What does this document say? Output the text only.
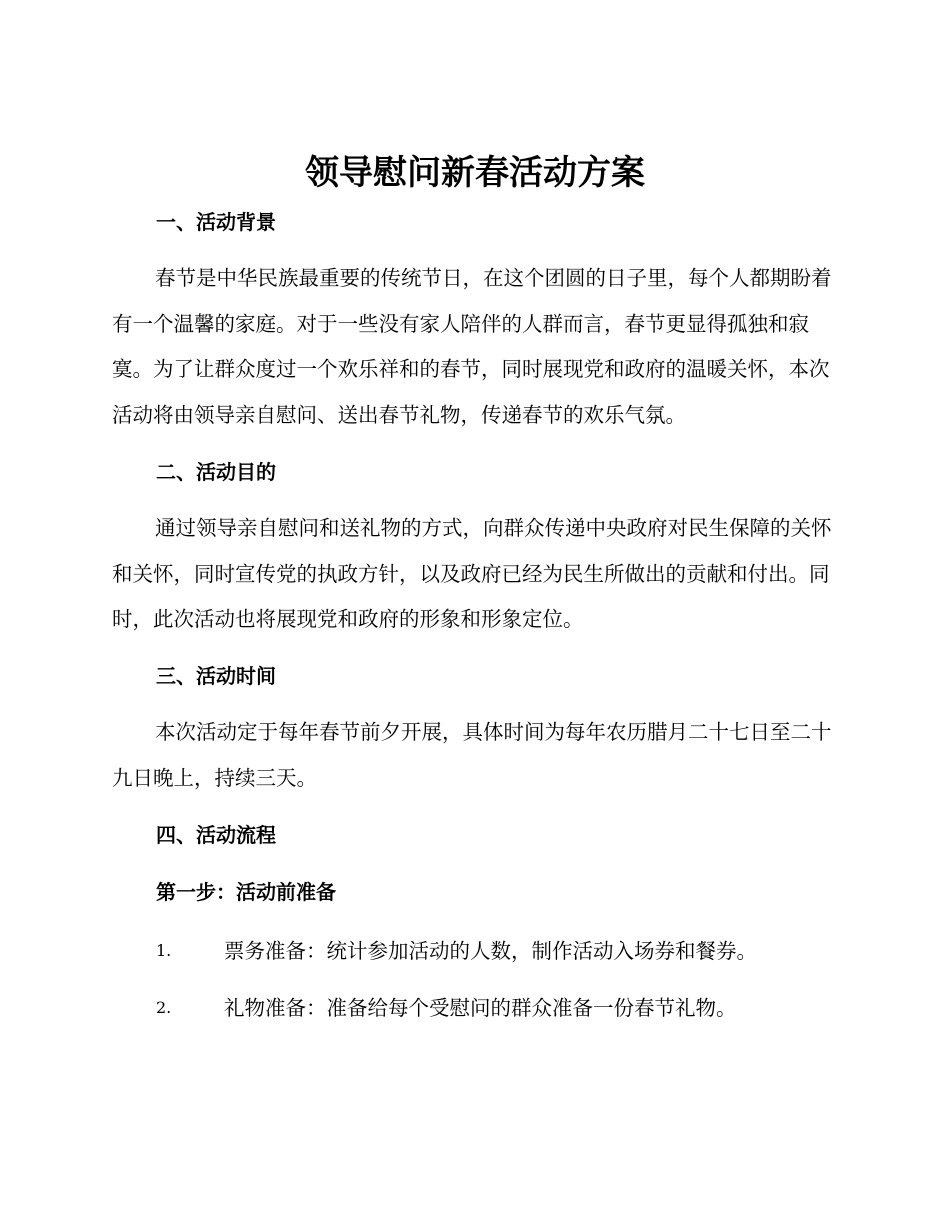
领导慰问新春活动方案
一、活动背景

春节是中华民族最重要的传统节日，在这个团圆的日子里，每个人都期盼着有一个温馨的家庭。对于一些没有家人陪伴的人群而言，春节更显得孤独和寂寞。为了让群众度过一个欢乐祥和的春节，同时展现党和政府的温暖关怀，本次活动将由领导亲自慰问、送出春节礼物，传递春节的欢乐气氛。

二、活动目的

通过领导亲自慰问和送礼物的方式，向群众传递中央政府对民生保障的关怀和关怀，同时宣传党的执政方针，以及政府已经为民生所做出的贡献和付出。同时，此次活动也将展现党和政府的形象和形象定位。

三、活动时间

本次活动定于每年春节前夕开展，具体时间为每年农历腊月二十七日至二十九日晚上，持续三天。

四、活动流程
第一步：活动前准备
1.	票务准备：统计参加活动的人数，制作活动入场券和餐券。
2.	礼物准备：准备给每个受慰问的群众准备一份春节礼物。
